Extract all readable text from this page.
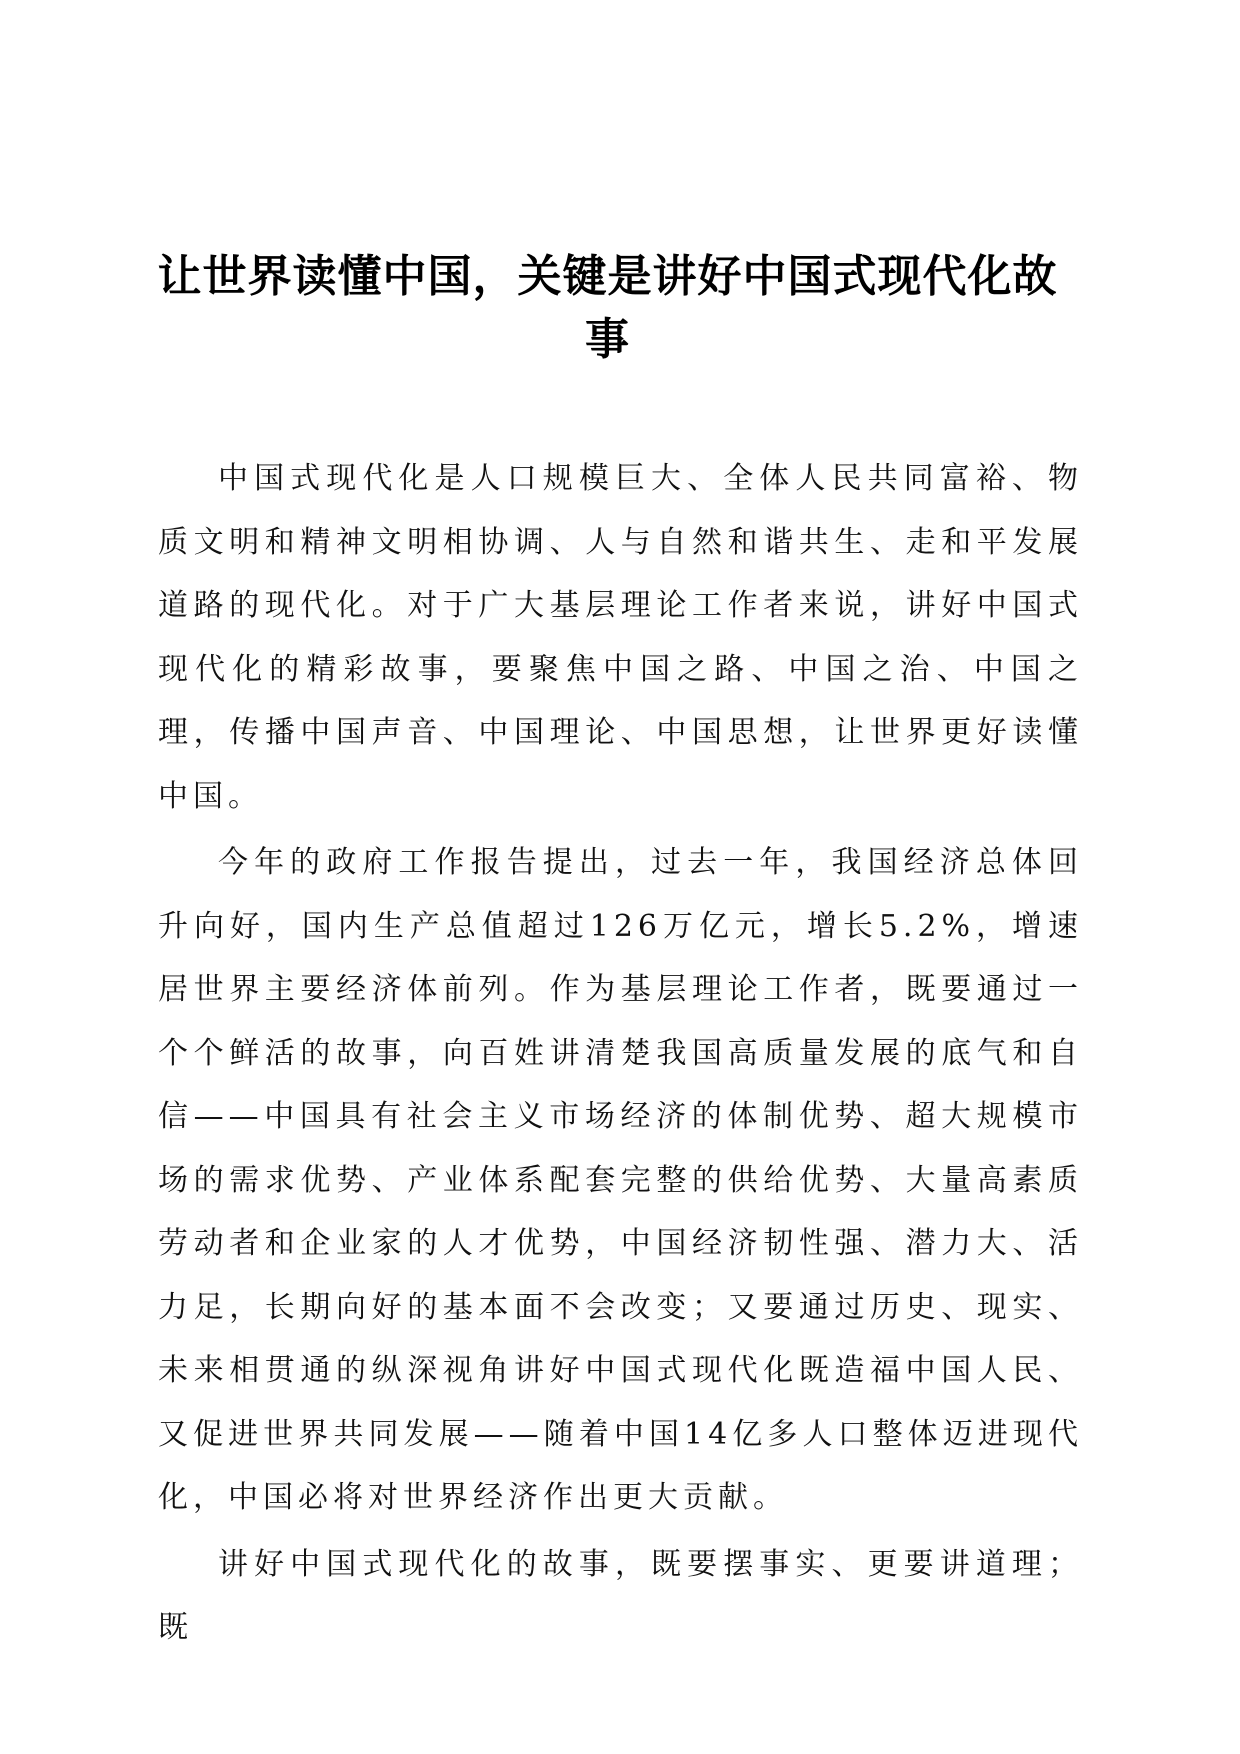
让世界读懂中国，关键是讲好中国式现代化故事

中国式现代化是人口规模巨大、全体人民共同富裕、物质文明和精神文明相协调、人与自然和谐共生、走和平发展道路的现代化。对于广大基层理论工作者来说，讲好中国式现代化的精彩故事，要聚焦中国之路、中国之治、中国之理，传播中国声音、中国理论、中国思想，让世界更好读懂中国。

今年的政府工作报告提出，过去一年，我国经济总体回升向好，国内生产总值超过126万亿元，增长5.2%，增速居世界主要经济体前列。作为基层理论工作者，既要通过一个个鲜活的故事，向百姓讲清楚我国高质量发展的底气和自信——中国具有社会主义市场经济的体制优势、超大规模市场的需求优势、产业体系配套完整的供给优势、大量高素质劳动者和企业家的人才优势，中国经济韧性强、潜力大、活力足，长期向好的基本面不会改变；又要通过历史、现实、未来相贯通的纵深视角讲好中国式现代化既造福中国人民、又促进世界共同发展——随着中国14亿多人口整体迈进现代化，中国必将对世界经济作出更大贡献。

讲好中国式现代化的故事，既要摆事实、更要讲道理；既
